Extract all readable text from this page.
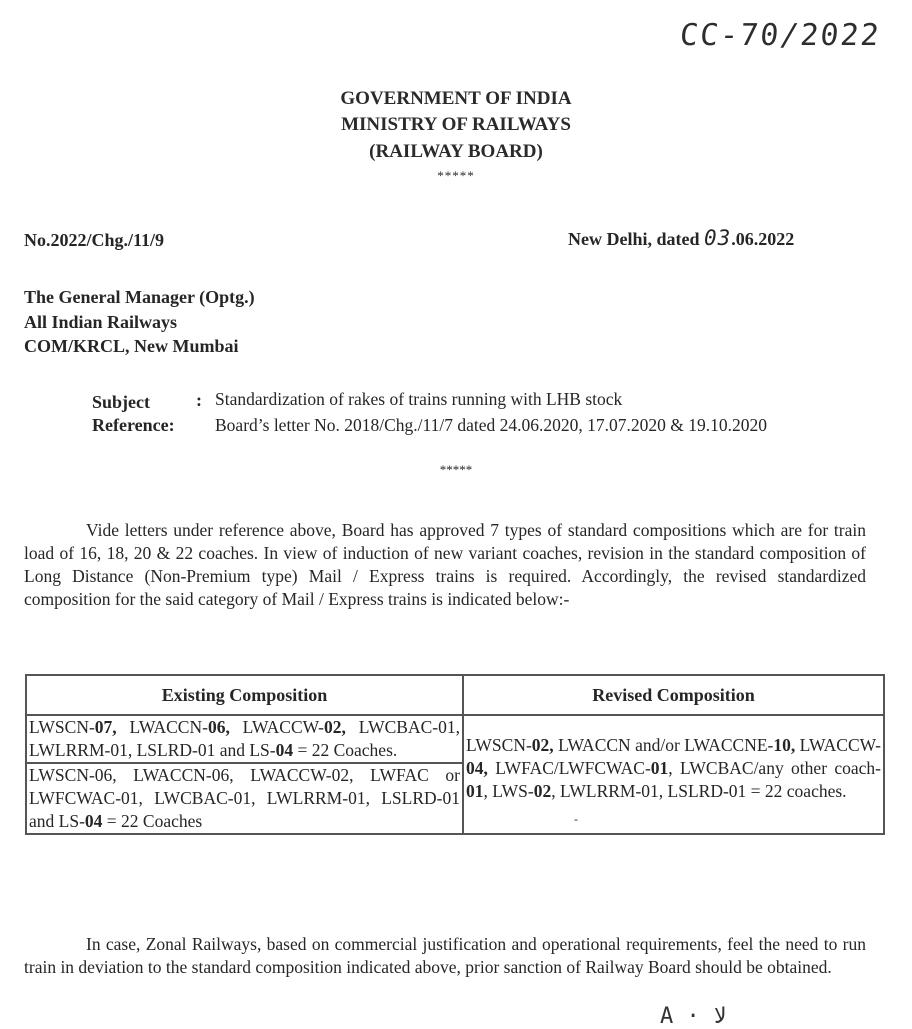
CC-70/2022
GOVERNMENT OF INDIA
MINISTRY OF RAILWAYS
(RAILWAY BOARD)
*****
No.2022/Chg./11/9	New Delhi, dated 03.06.2022
The General Manager (Optg.)
All Indian Railways
COM/KRCL, New Mumbai
Subject	: Standardization of rakes of trains running with LHB stock
Reference: Board’s letter No. 2018/Chg./11/7 dated 24.06.2020, 17.07.2020 & 19.10.2020
*****
Vide letters under reference above, Board has approved 7 types of standard compositions which are for train load of 16, 18, 20 & 22 coaches. In view of induction of new variant coaches, revision in the standard composition of Long Distance (Non-Premium type) Mail / Express trains is required. Accordingly, the revised standardized composition for the said category of Mail / Express trains is indicated below:-
Existing Composition	Revised Composition
LWSCN-07, LWACCN-06, LWACCW-02, LWCBAC-01, LWLRRM-01, LSLRD-01 and LS-04 = 22 Coaches.	LWSCN-02, LWACCN and/or LWACCNE-10, LWACCW-04, LWFAC/LWFCWAC-01, LWCBAC/any other coach-01, LWS-02, LWLRRM-01, LSLRD-01 = 22 coaches.
-

LWSCN-06, LWACCN-06, LWACCW-02, LWFAC or LWFCWAC-01, LWCBAC-01, LWLRRM-01, LSLRD-01 and LS-04 = 22 Coaches	
In case, Zonal Railways, based on commercial justification and operational requirements, feel the need to run train in deviation to the standard composition indicated above, prior sanction of Railway Board should be obtained.
A · لا
